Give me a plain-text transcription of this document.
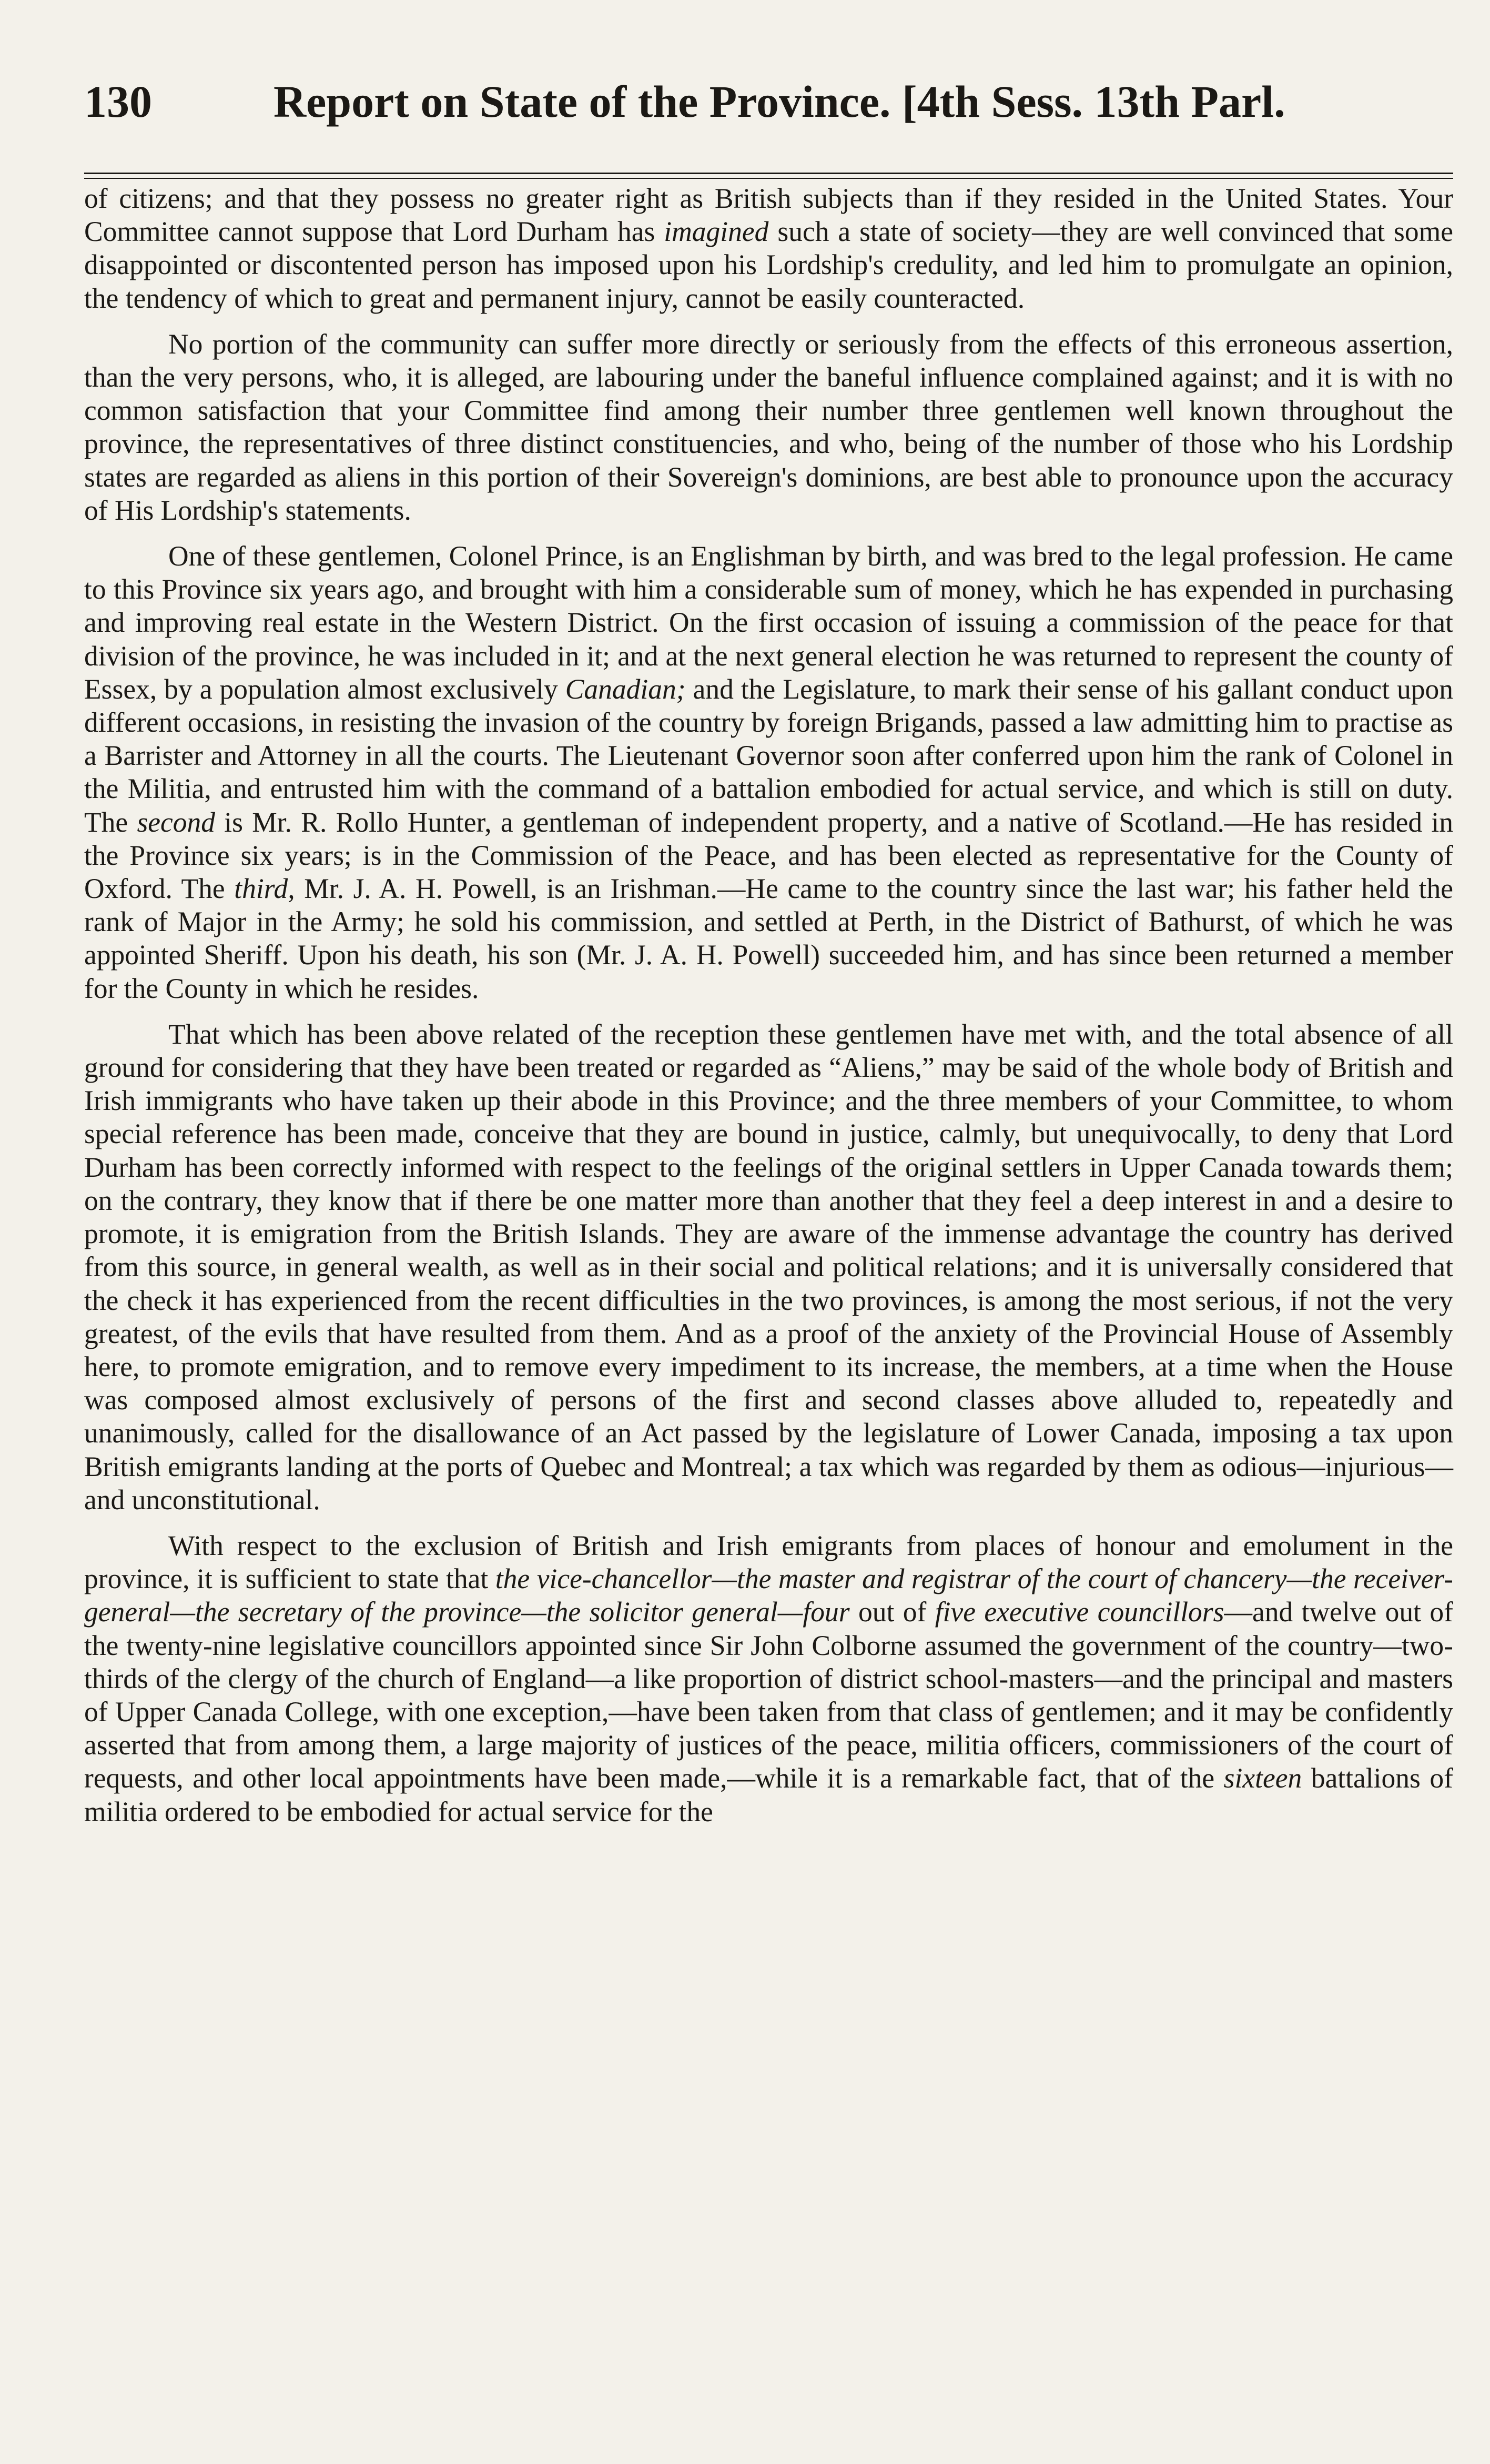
130	Report on State of the Province. [4th Sess. 13th Parl.

of citizens; and that they possess no greater right as British subjects than if they resided in the United States. Your Committee cannot suppose that Lord Durham has imagined such a state of society—they are well convinced that some disappointed or discontented person has imposed upon his Lordship's credulity, and led him to promulgate an opinion, the tendency of which to great and permanent injury, cannot be easily counteracted.

No portion of the community can suffer more directly or seriously from the effects of this erroneous assertion, than the very persons, who, it is alleged, are labouring under the baneful influence complained against; and it is with no common satisfaction that your Committee find among their number three gentlemen well known throughout the province, the representatives of three distinct constituencies, and who, being of the number of those who his Lordship states are regarded as aliens in this portion of their Sovereign's dominions, are best able to pronounce upon the accuracy of His Lordship's statements.

One of these gentlemen, Colonel Prince, is an Englishman by birth, and was bred to the legal profession. He came to this Province six years ago, and brought with him a considerable sum of money, which he has expended in purchasing and improving real estate in the Western District. On the first occasion of issuing a commission of the peace for that division of the province, he was included in it; and at the next general election he was returned to represent the county of Essex, by a population almost exclusively Canadian; and the Legislature, to mark their sense of his gallant conduct upon different occasions, in resisting the invasion of the country by foreign Brigands, passed a law admitting him to practise as a Barrister and Attorney in all the courts. The Lieutenant Governor soon after conferred upon him the rank of Colonel in the Militia, and entrusted him with the command of a battalion embodied for actual service, and which is still on duty. The second is Mr. R. Rollo Hunter, a gentleman of independent property, and a native of Scotland.—He has resided in the Province six years; is in the Commission of the Peace, and has been elected as representative for the County of Oxford. The third, Mr. J. A. H. Powell, is an Irishman.—He came to the country since the last war; his father held the rank of Major in the Army; he sold his commission, and settled at Perth, in the District of Bathurst, of which he was appointed Sheriff. Upon his death, his son (Mr. J. A. H. Powell) succeeded him, and has since been returned a member for the County in which he resides.

That which has been above related of the reception these gentlemen have met with, and the total absence of all ground for considering that they have been treated or regarded as “Aliens,” may be said of the whole body of British and Irish immigrants who have taken up their abode in this Province; and the three members of your Committee, to whom special reference has been made, conceive that they are bound in justice, calmly, but unequivocally, to deny that Lord Durham has been correctly informed with respect to the feelings of the original settlers in Upper Canada towards them; on the contrary, they know that if there be one matter more than another that they feel a deep interest in and a desire to promote, it is emigration from the British Islands. They are aware of the immense advantage the country has derived from this source, in general wealth, as well as in their social and political relations; and it is universally considered that the check it has experienced from the recent difficulties in the two provinces, is among the most serious, if not the very greatest, of the evils that have resulted from them. And as a proof of the anxiety of the Provincial House of Assembly here, to promote emigration, and to remove every impediment to its increase, the members, at a time when the House was composed almost exclusively of persons of the first and second classes above alluded to, repeatedly and unanimously, called for the disallowance of an Act passed by the legislature of Lower Canada, imposing a tax upon British emigrants landing at the ports of Quebec and Montreal; a tax which was regarded by them as odious—injurious—and unconstitutional.

With respect to the exclusion of British and Irish emigrants from places of honour and emolument in the province, it is sufficient to state that the vice-chancellor—the master and registrar of the court of chancery—the receiver-general—the secretary of the province—the solicitor general—four out of five executive councillors—and twelve out of the twenty-nine legislative councillors appointed since Sir John Colborne assumed the government of the country—two-thirds of the clergy of the church of England—a like proportion of district school-masters—and the principal and masters of Upper Canada College, with one exception,—have been taken from that class of gentlemen; and it may be confidently asserted that from among them, a large majority of justices of the peace, militia officers, commissioners of the court of requests, and other local appointments have been made,—while it is a remarkable fact, that of the sixteen battalions of militia ordered to be embodied for actual service for the
